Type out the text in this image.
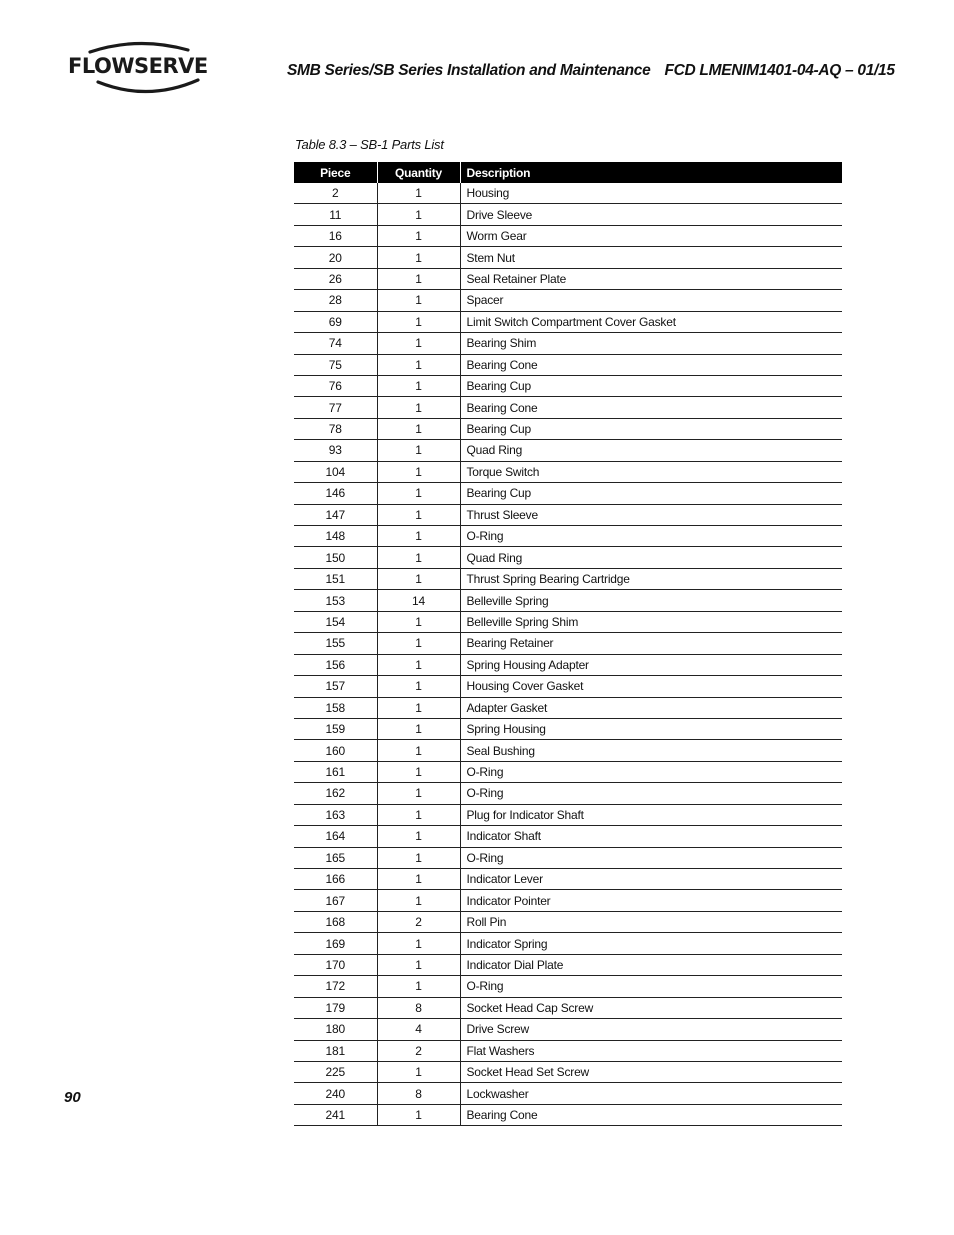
FLOWSERVE	SMB Series/SB Series Installation and Maintenance FCD LMENIM1401-04-AQ – 01/15
Table 8.3 – SB-1 Parts List
Piece	Quantity	Description
2	1	Housing
11	1	Drive Sleeve
16	1	Worm Gear
20	1	Stem Nut
26	1	Seal Retainer Plate
28	1	Spacer
69	1	Limit Switch Compartment Cover Gasket
74	1	Bearing Shim
75	1	Bearing Cone
76	1	Bearing Cup
77	1	Bearing Cone
78	1	Bearing Cup
93	1	Quad Ring
104	1	Torque Switch
146	1	Bearing Cup
147	1	Thrust Sleeve
148	1	O-Ring
150	1	Quad Ring
151	1	Thrust Spring Bearing Cartridge
153	14	Belleville Spring
154	1	Belleville Spring Shim
155	1	Bearing Retainer
156	1	Spring Housing Adapter
157	1	Housing Cover Gasket
158	1	Adapter Gasket
159	1	Spring Housing
160	1	Seal Bushing
161	1	O-Ring
162	1	O-Ring
163	1	Plug for Indicator Shaft
164	1	Indicator Shaft
165	1	O-Ring
166	1	Indicator Lever
167	1	Indicator Pointer
168	2	Roll Pin
169	1	Indicator Spring
170	1	Indicator Dial Plate
172	1	O-Ring
179	8	Socket Head Cap Screw
180	4	Drive Screw
181	2	Flat Washers
225	1	Socket Head Set Screw
240	8	Lockwasher
241	1	Bearing Cone
90
